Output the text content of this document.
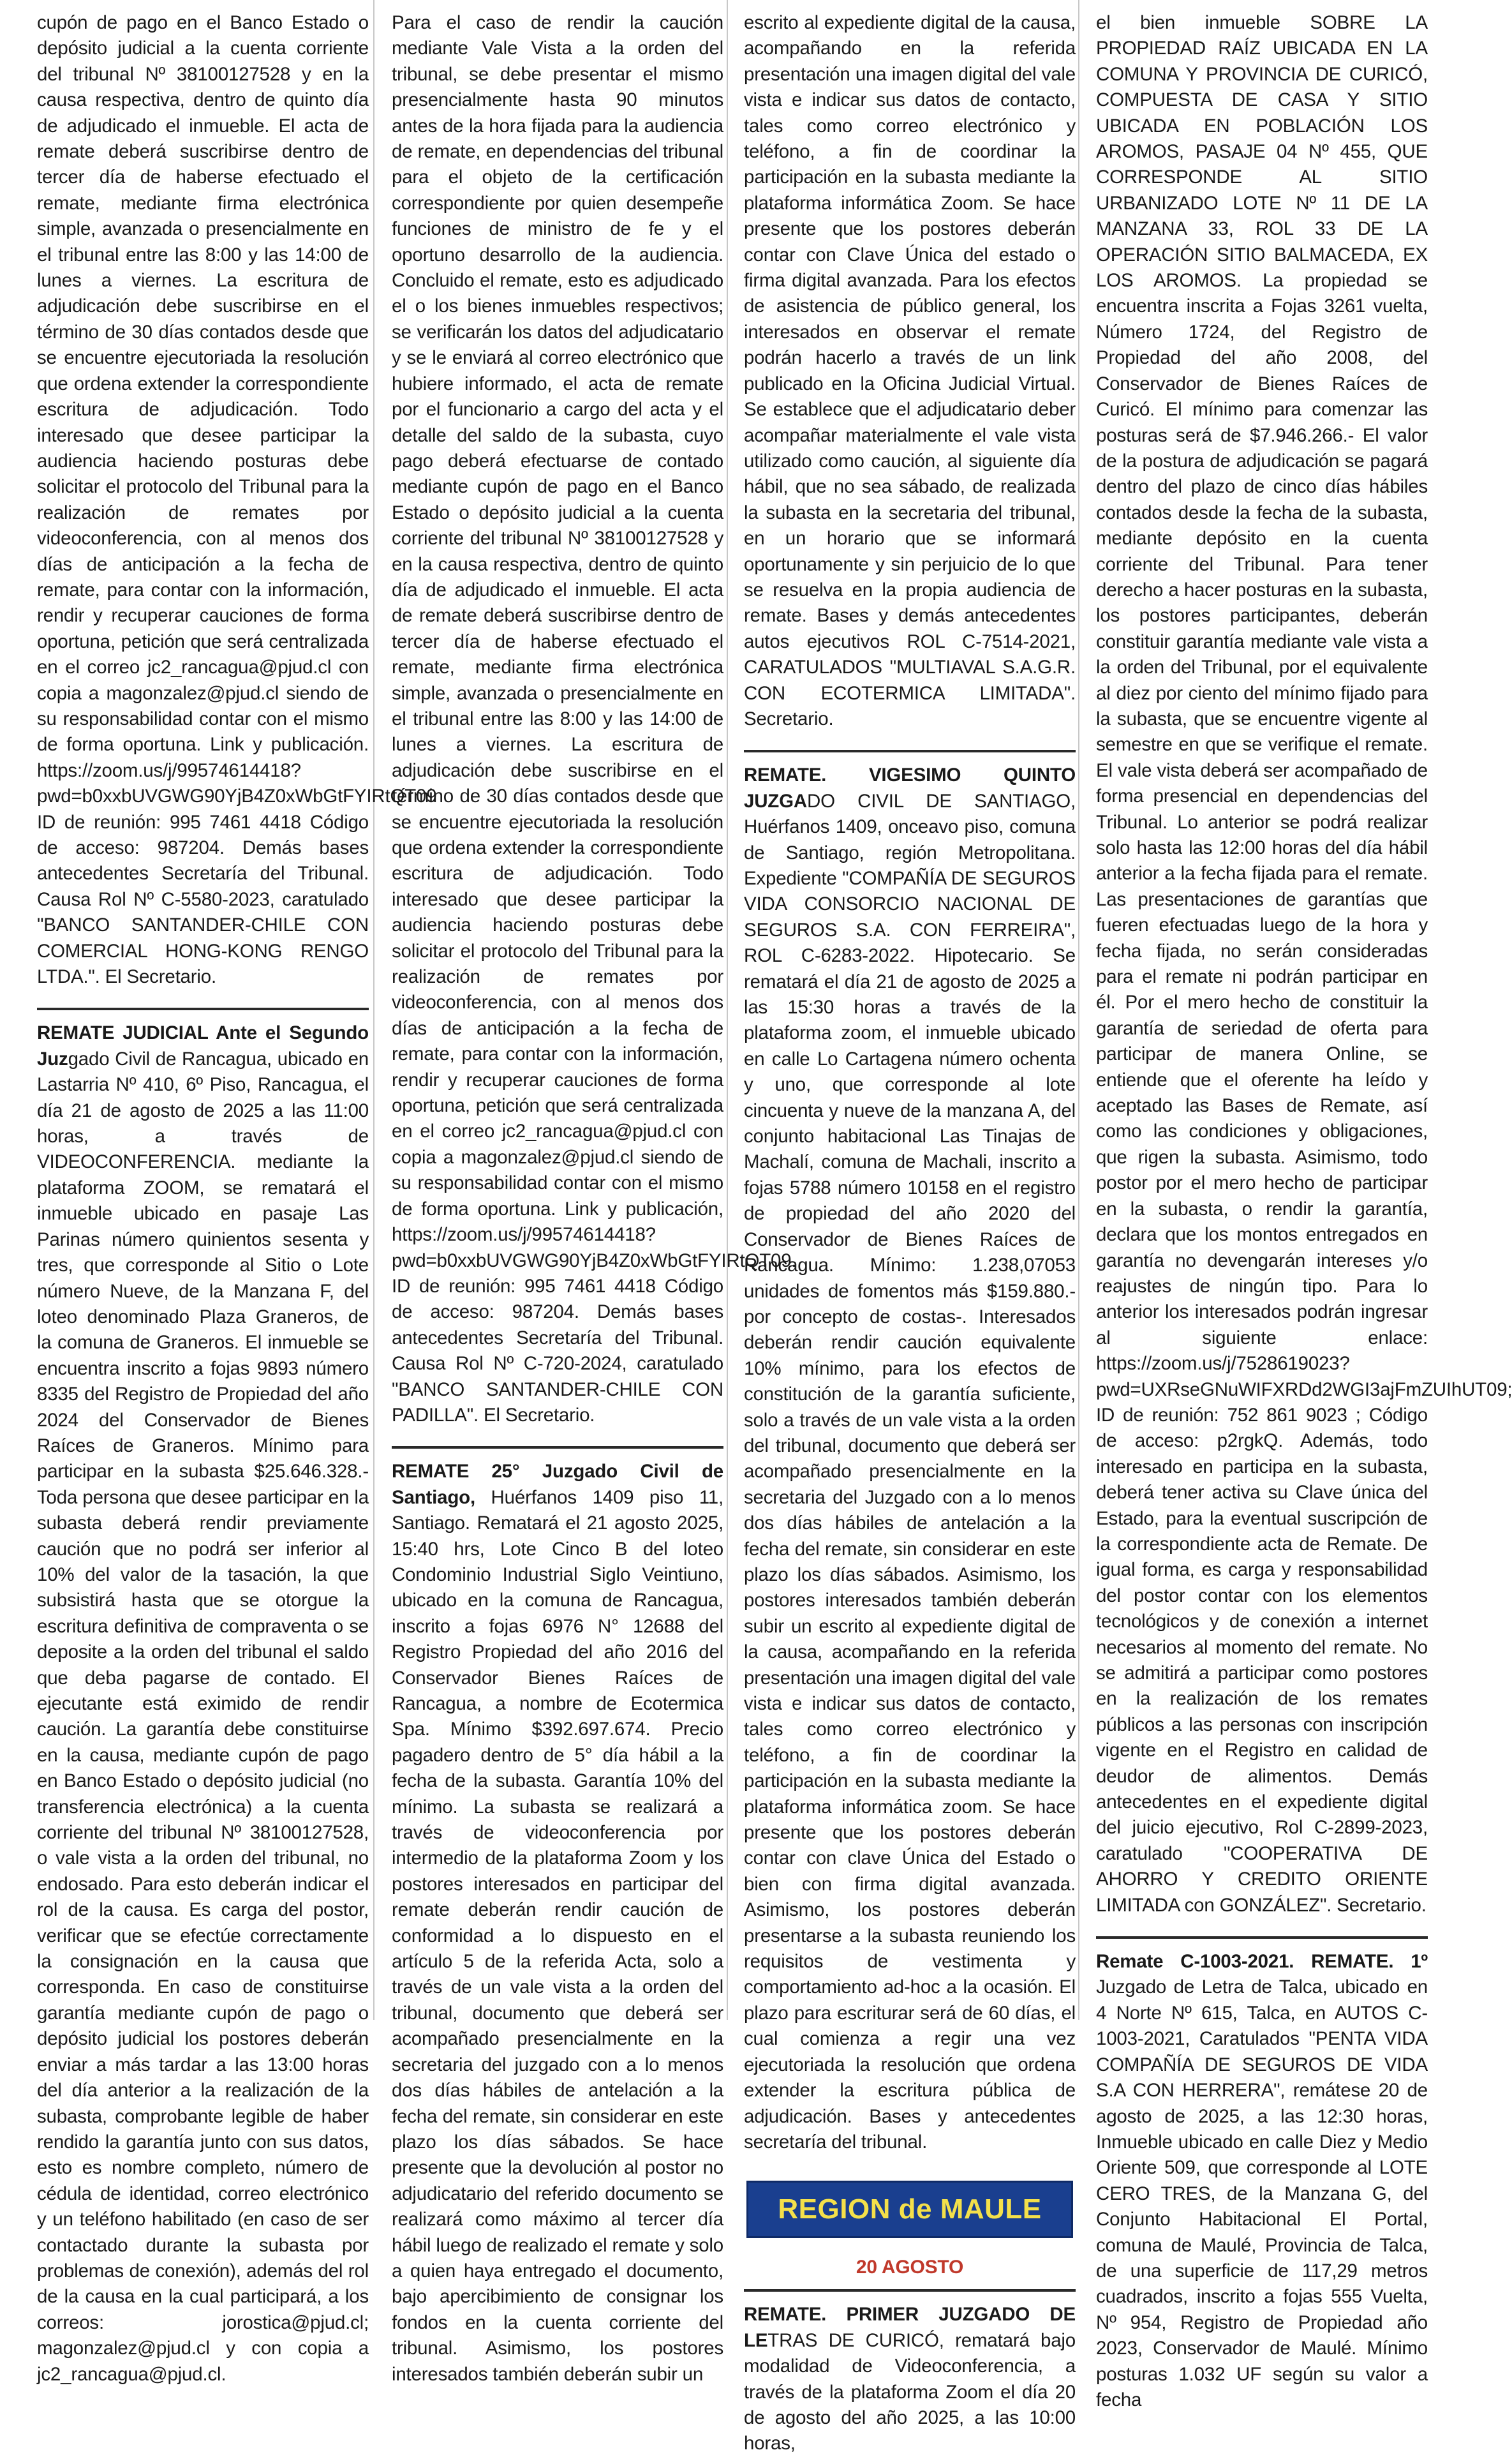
cupón de pago en el Banco Estado o depósito judicial a la cuenta corriente del tribunal Nº 38100127528 y en la causa respectiva, dentro de quinto día de adjudicado el inmueble. El acta de remate deberá suscribirse dentro de tercer día de haberse efectuado el remate, mediante firma electrónica simple, avanzada o presencialmente en el tribunal entre las 8:00 y las 14:00 de lunes a viernes. La escritura de adjudicación debe suscribirse en el término de 30 días contados desde que se encuentre ejecutoriada la resolución que ordena extender la correspondiente escritura de adjudicación. Todo interesado que desee participar la audiencia haciendo posturas debe solicitar el protocolo del Tribunal para la realización de remates por videoconferencia, con al menos dos días de anticipación a la fecha de remate, para contar con la información, rendir y recuperar cauciones de forma oportuna, petición que será centralizada en el correo jc2_rancagua@pjud.cl con copia a magonzalez@pjud.cl siendo de su responsabilidad contar con el mismo de forma oportuna. Link y publicación. https://zoom.us/j/99574614418?pwd=b0xxbUVGWG90YjB4Z0xWbGtFYIRtQT09 ID de reunión: 995 7461 4418 Código de acceso: 987204. Demás bases antecedentes Secretaría del Tribunal. Causa Rol Nº C-5580-2023, caratulado "BANCO SANTANDER-CHILE CON COMERCIAL HONG-KONG RENGO LTDA.". El Secretario.

REMATE JUDICIAL Ante el Segundo Juzgado Civil de Rancagua, ubicado en Lastarria Nº 410, 6º Piso, Rancagua, el día 21 de agosto de 2025 a las 11:00 horas, a través de VIDEOCONFERENCIA. mediante la plataforma ZOOM, se rematará el inmueble ubicado en pasaje Las Parinas número quinientos sesenta y tres, que corresponde al Sitio o Lote número Nueve, de la Manzana F, del loteo denominado Plaza Graneros, de la comuna de Graneros. El inmueble se encuentra inscrito a fojas 9893 número 8335 del Registro de Propiedad del año 2024 del Conservador de Bienes Raíces de Graneros. Mínimo para participar en la subasta $25.646.328.- Toda persona que desee participar en la subasta deberá rendir previamente caución que no podrá ser inferior al 10% del valor de la tasación, la que subsistirá hasta que se otorgue la escritura definitiva de compraventa o se deposite a la orden del tribunal el saldo que deba pagarse de contado. El ejecutante está eximido de rendir caución. La garantía debe constituirse en la causa, mediante cupón de pago en Banco Estado o depósito judicial (no transferencia electrónica) a la cuenta corriente del tribunal Nº 38100127528, o vale vista a la orden del tribunal, no endosado. Para esto deberán indicar el rol de la causa. Es carga del postor, verificar que se efectúe correctamente la consignación en la causa que corresponda. En caso de constituirse garantía mediante cupón de pago o depósito judicial los postores deberán enviar a más tardar a las 13:00 horas del día anterior a la realización de la subasta, comprobante legible de haber rendido la garantía junto con sus datos, esto es nombre completo, número de cédula de identidad, correo electrónico y un teléfono habilitado (en caso de ser contactado durante la subasta por problemas de conexión), además del rol de la causa en la cual participará, a los correos: jorostica@pjud.cl; magonzalez@pjud.cl y con copia a jc2_rancagua@pjud.cl.

Para el caso de rendir la caución mediante Vale Vista a la orden del tribunal, se debe presentar el mismo presencialmente hasta 90 minutos antes de la hora fijada para la audiencia de remate, en dependencias del tribunal para el objeto de la certificación correspondiente por quien desempeñe funciones de ministro de fe y el oportuno desarrollo de la audiencia. Concluido el remate, esto es adjudicado el o los bienes inmuebles respectivos; se verificarán los datos del adjudicatario y se le enviará al correo electrónico que hubiere informado, el acta de remate por el funcionario a cargo del acta y el detalle del saldo de la subasta, cuyo pago deberá efectuarse de contado mediante cupón de pago en el Banco Estado o depósito judicial a la cuenta corriente del tribunal Nº 38100127528 y en la causa respectiva, dentro de quinto día de adjudicado el inmueble. El acta de remate deberá suscribirse dentro de tercer día de haberse efectuado el remate, mediante firma electrónica simple, avanzada o presencialmente en el tribunal entre las 8:00 y las 14:00 de lunes a viernes. La escritura de adjudicación debe suscribirse en el término de 30 días contados desde que se encuentre ejecutoriada la resolución que ordena extender la correspondiente escritura de adjudicación. Todo interesado que desee participar la audiencia haciendo posturas debe solicitar el protocolo del Tribunal para la realización de remates por videoconferencia, con al menos dos días de anticipación a la fecha de remate, para contar con la información, rendir y recuperar cauciones de forma oportuna, petición que será centralizada en el correo jc2_rancagua@pjud.cl con copia a magonzalez@pjud.cl siendo de su responsabilidad contar con el mismo de forma oportuna. Link y publicación, https://zoom.us/j/99574614418?pwd=b0xxbUVGWG90YjB4Z0xWbGtFYIRtQT09. ID de reunión: 995 7461 4418 Código de acceso: 987204. Demás bases antecedentes Secretaría del Tribunal. Causa Rol Nº C-720-2024, caratulado "BANCO SANTANDER-CHILE CON PADILLA". El Secretario.

REMATE 25° Juzgado Civil de Santiago, Huérfanos 1409 piso 11, Santiago. Rematará el 21 agosto 2025, 15:40 hrs, Lote Cinco B del loteo Condominio Industrial Siglo Veintiuno, ubicado en la comuna de Rancagua, inscrito a fojas 6976 N° 12688 del Registro Propiedad del año 2016 del Conservador Bienes Raíces de Rancagua, a nombre de Ecotermica Spa. Mínimo $392.697.674. Precio pagadero dentro de 5° día hábil a la fecha de la subasta. Garantía 10% del mínimo. La subasta se realizará a través de videoconferencia por intermedio de la plataforma Zoom y los postores interesados en participar del remate deberán rendir caución de conformidad a lo dispuesto en el artículo 5 de la referida Acta, solo a través de un vale vista a la orden del tribunal, documento que deberá ser acompañado presencialmente en la secretaria del juzgado con a lo menos dos días hábiles de antelación a la fecha del remate, sin considerar en este plazo los días sábados. Se hace presente que la devolución al postor no adjudicatario del referido documento se realizará como máximo al tercer día hábil luego de realizado el remate y solo a quien haya entregado el documento, bajo apercibimiento de consignar los fondos en la cuenta corriente del tribunal. Asimismo, los postores interesados también deberán subir un

escrito al expediente digital de la causa, acompañando en la referida presentación una imagen digital del vale vista e indicar sus datos de contacto, tales como correo electrónico y teléfono, a fin de coordinar la participación en la subasta mediante la plataforma informática Zoom. Se hace presente que los postores deberán contar con Clave Única del estado o firma digital avanzada. Para los efectos de asistencia de público general, los interesados en observar el remate podrán hacerlo a través de un link publicado en la Oficina Judicial Virtual. Se establece que el adjudicatario deber acompañar materialmente el vale vista utilizado como caución, al siguiente día hábil, que no sea sábado, de realizada la subasta en la secretaria del tribunal, en un horario que se informará oportunamente y sin perjuicio de lo que se resuelva en la propia audiencia de remate. Bases y demás antecedentes autos ejecutivos ROL C-7514-2021, CARATULADOS "MULTIAVAL S.A.G.R. CON ECOTERMICA LIMITADA". Secretario.

REMATE. VIGESIMO QUINTO JUZGADO CIVIL DE SANTIAGO, Huérfanos 1409, onceavo piso, comuna de Santiago, región Metropolitana. Expediente "COMPAÑÍA DE SEGUROS VIDA CONSORCIO NACIONAL DE SEGUROS S.A. CON FERREIRA", ROL C-6283-2022. Hipotecario. Se rematará el día 21 de agosto de 2025 a las 15:30 horas a través de la plataforma zoom, el inmueble ubicado en calle Lo Cartagena número ochenta y uno, que corresponde al lote cincuenta y nueve de la manzana A, del conjunto habitacional Las Tinajas de Machalí, comuna de Machali, inscrito a fojas 5788 número 10158 en el registro de propiedad del año 2020 del Conservador de Bienes Raíces de Rancagua. Mínimo: 1.238,07053 unidades de fomentos más $159.880.- por concepto de costas-. Interesados deberán rendir caución equivalente 10% mínimo, para los efectos de constitución de la garantía suficiente, solo a través de un vale vista a la orden del tribunal, documento que deberá ser acompañado presencialmente en la secretaria del Juzgado con a lo menos dos días hábiles de antelación a la fecha del remate, sin considerar en este plazo los días sábados. Asimismo, los postores interesados también deberán subir un escrito al expediente digital de la causa, acompañando en la referida presentación una imagen digital del vale vista e indicar sus datos de contacto, tales como correo electrónico y teléfono, a fin de coordinar la participación en la subasta mediante la plataforma informática zoom. Se hace presente que los postores deberán contar con clave Única del Estado o bien con firma digital avanzada. Asimismo, los postores deberán presentarse a la subasta reuniendo los requisitos de vestimenta y comportamiento ad-hoc a la ocasión. El plazo para escriturar será de 60 días, el cual comienza a regir una vez ejecutoriada la resolución que ordena extender la escritura pública de adjudicación. Bases y antecedentes secretaría del tribunal.

REGION de MAULE
20 AGOSTO

REMATE. PRIMER JUZGADO DE LETRAS DE CURICÓ, rematará bajo modalidad de Videoconferencia, a través de la plataforma Zoom el día 20 de agosto del año 2025, a las 10:00 horas,

el bien inmueble SOBRE LA PROPIEDAD RAÍZ UBICADA EN LA COMUNA Y PROVINCIA DE CURICÓ, COMPUESTA DE CASA Y SITIO UBICADA EN POBLACIÓN LOS AROMOS, PASAJE 04 Nº 455, QUE CORRESPONDE AL SITIO URBANIZADO LOTE Nº 11 DE LA MANZANA 33, ROL 33 DE LA OPERACIÓN SITIO BALMACEDA, EX LOS AROMOS. La propiedad se encuentra inscrita a Fojas 3261 vuelta, Número 1724, del Registro de Propiedad del año 2008, del Conservador de Bienes Raíces de Curicó. El mínimo para comenzar las posturas será de $7.946.266.- El valor de la postura de adjudicación se pagará dentro del plazo de cinco días hábiles contados desde la fecha de la subasta, mediante depósito en la cuenta corriente del Tribunal. Para tener derecho a hacer posturas en la subasta, los postores participantes, deberán constituir garantía mediante vale vista a la orden del Tribunal, por el equivalente al diez por ciento del mínimo fijado para la subasta, que se encuentre vigente al semestre en que se verifique el remate. El vale vista deberá ser acompañado de forma presencial en dependencias del Tribunal. Lo anterior se podrá realizar solo hasta las 12:00 horas del día hábil anterior a la fecha fijada para el remate. Las presentaciones de garantías que fueren efectuadas luego de la hora y fecha fijada, no serán consideradas para el remate ni podrán participar en él. Por el mero hecho de constituir la garantía de seriedad de oferta para participar de manera Online, se entiende que el oferente ha leído y aceptado las Bases de Remate, así como las condiciones y obligaciones, que rigen la subasta. Asimismo, todo postor por el mero hecho de participar en la subasta, o rendir la garantía, declara que los montos entregados en garantía no devengarán intereses y/o reajustes de ningún tipo. Para lo anterior los interesados podrán ingresar al siguiente enlace: https://zoom.us/j/7528619023?pwd=UXRseGNuWIFXRDd2WGI3ajFmZUIhUT09; ID de reunión: 752 861 9023 ; Código de acceso: p2rgkQ. Además, todo interesado en participa en la subasta, deberá tener activa su Clave única del Estado, para la eventual suscripción de la correspondiente acta de Remate. De igual forma, es carga y responsabilidad del postor contar con los elementos tecnológicos y de conexión a internet necesarios al momento del remate. No se admitirá a participar como postores en la realización de los remates públicos a las personas con inscripción vigente en el Registro en calidad de deudor de alimentos. Demás antecedentes en el expediente digital del juicio ejecutivo, Rol C-2899-2023, caratulado "COOPERATIVA DE AHORRO Y CREDITO ORIENTE LIMITADA con GONZÁLEZ". Secretario.

Remate C-1003-2021. REMATE. 1º Juzgado de Letra de Talca, ubicado en 4 Norte Nº 615, Talca, en AUTOS C-1003-2021, Caratulados "PENTA VIDA COMPAÑÍA DE SEGUROS DE VIDA S.A CON HERRERA", remátese 20 de agosto de 2025, a las 12:30 horas, Inmueble ubicado en calle Diez y Medio Oriente 509, que corresponde al LOTE CERO TRES, de la Manzana G, del Conjunto Habitacional El Portal, comuna de Maulé, Provincia de Talca, de una superficie de 117,29 metros cuadrados, inscrito a fojas 555 Vuelta, Nº 954, Registro de Propiedad año 2023, Conservador de Maulé. Mínimo posturas 1.032 UF según su valor a fecha
